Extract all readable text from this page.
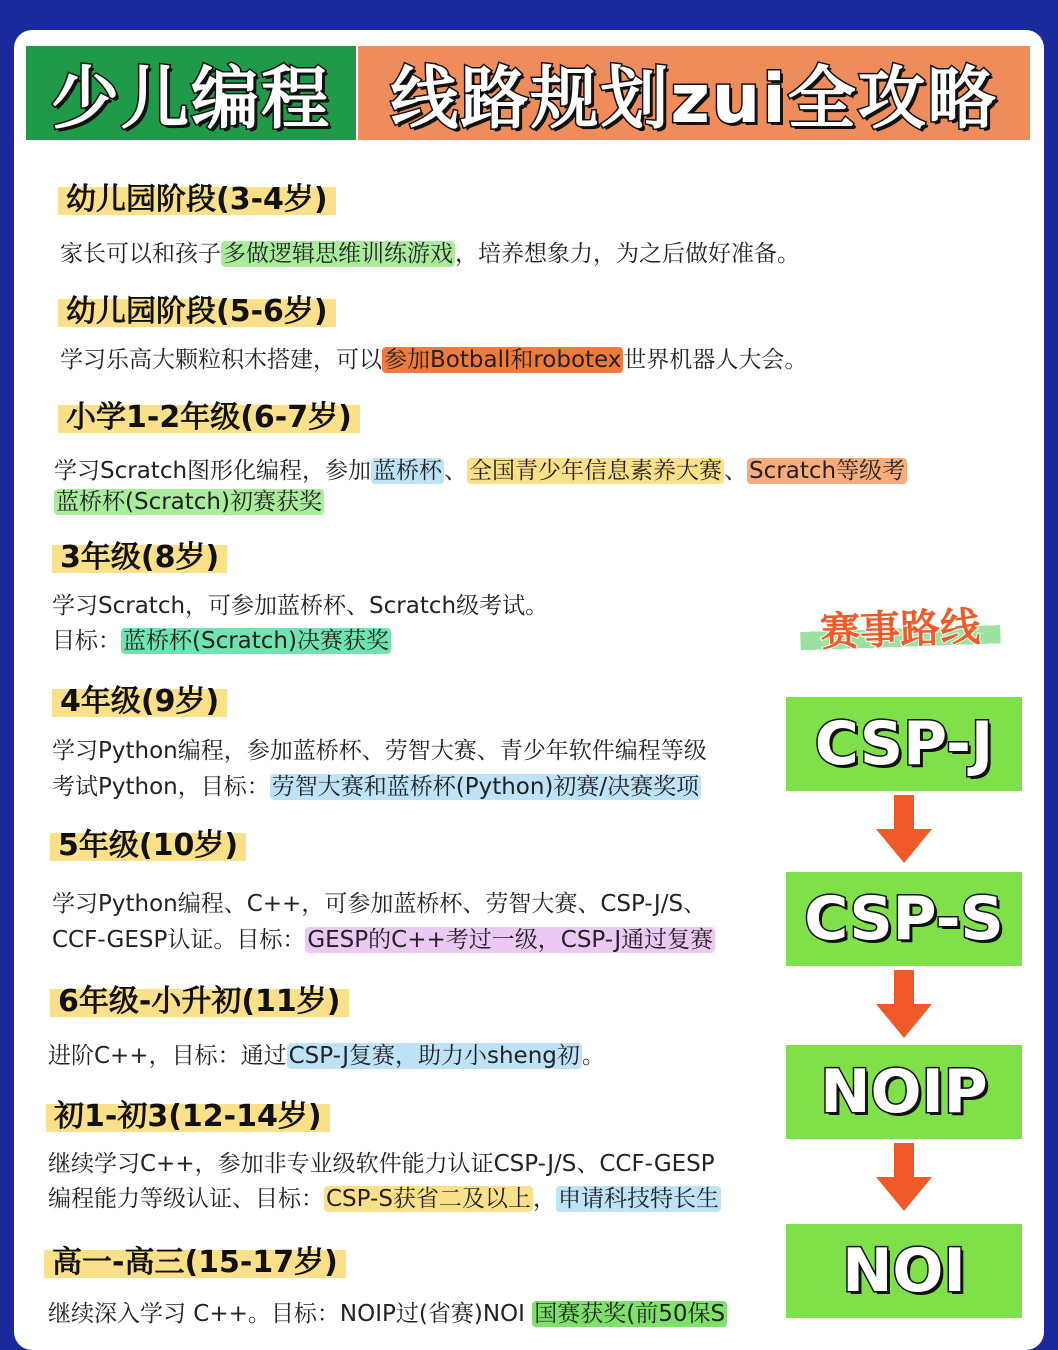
少儿编程 线路规划zui全攻略
幼儿园阶段(3-4岁)
家长可以和孩子多做逻辑思维训练游戏，培养想象力，为之后做好准备。
幼儿园阶段(5-6岁)
学习乐高大颗粒积木搭建，可以参加Botball和robotex世界机器人大会。
小学1-2年级(6-7岁)
学习Scratch图形化编程，参加蓝桥杯、全国青少年信息素养大赛、Scratch等级考
蓝桥杯(Scratch)初赛获奖
3年级(8岁)
学习Scratch，可参加蓝桥杯、Scratch级考试。
目标：蓝桥杯(Scratch)决赛获奖
4年级(9岁)
学习Python编程，参加蓝桥杯、劳智大赛、青少年软件编程等级
考试Python，目标：劳智大赛和蓝桥杯(Python)初赛/决赛奖项
5年级(10岁)
学习Python编程、C++，可参加蓝桥杯、劳智大赛、CSP-J/S、
CCF-GESP认证。目标：GESP的C++考过一级，CSP-J通过复赛
6年级-小升初(11岁)
进阶C++，目标：通过CSP-J复赛，助力小sheng初。
初1-初3(12-14岁)
继续学习C++，参加非专业级软件能力认证CSP-J/S、CCF-GESP
编程能力等级认证、目标：CSP-S获省二及以上，申请科技特长生
高一-高三(15-17岁)
继续深入学习 C++。目标：NOIP过(省赛)NOI 国赛获奖(前50保S
赛事路线
CSP-J
CSP-S
NOIP
NOI
